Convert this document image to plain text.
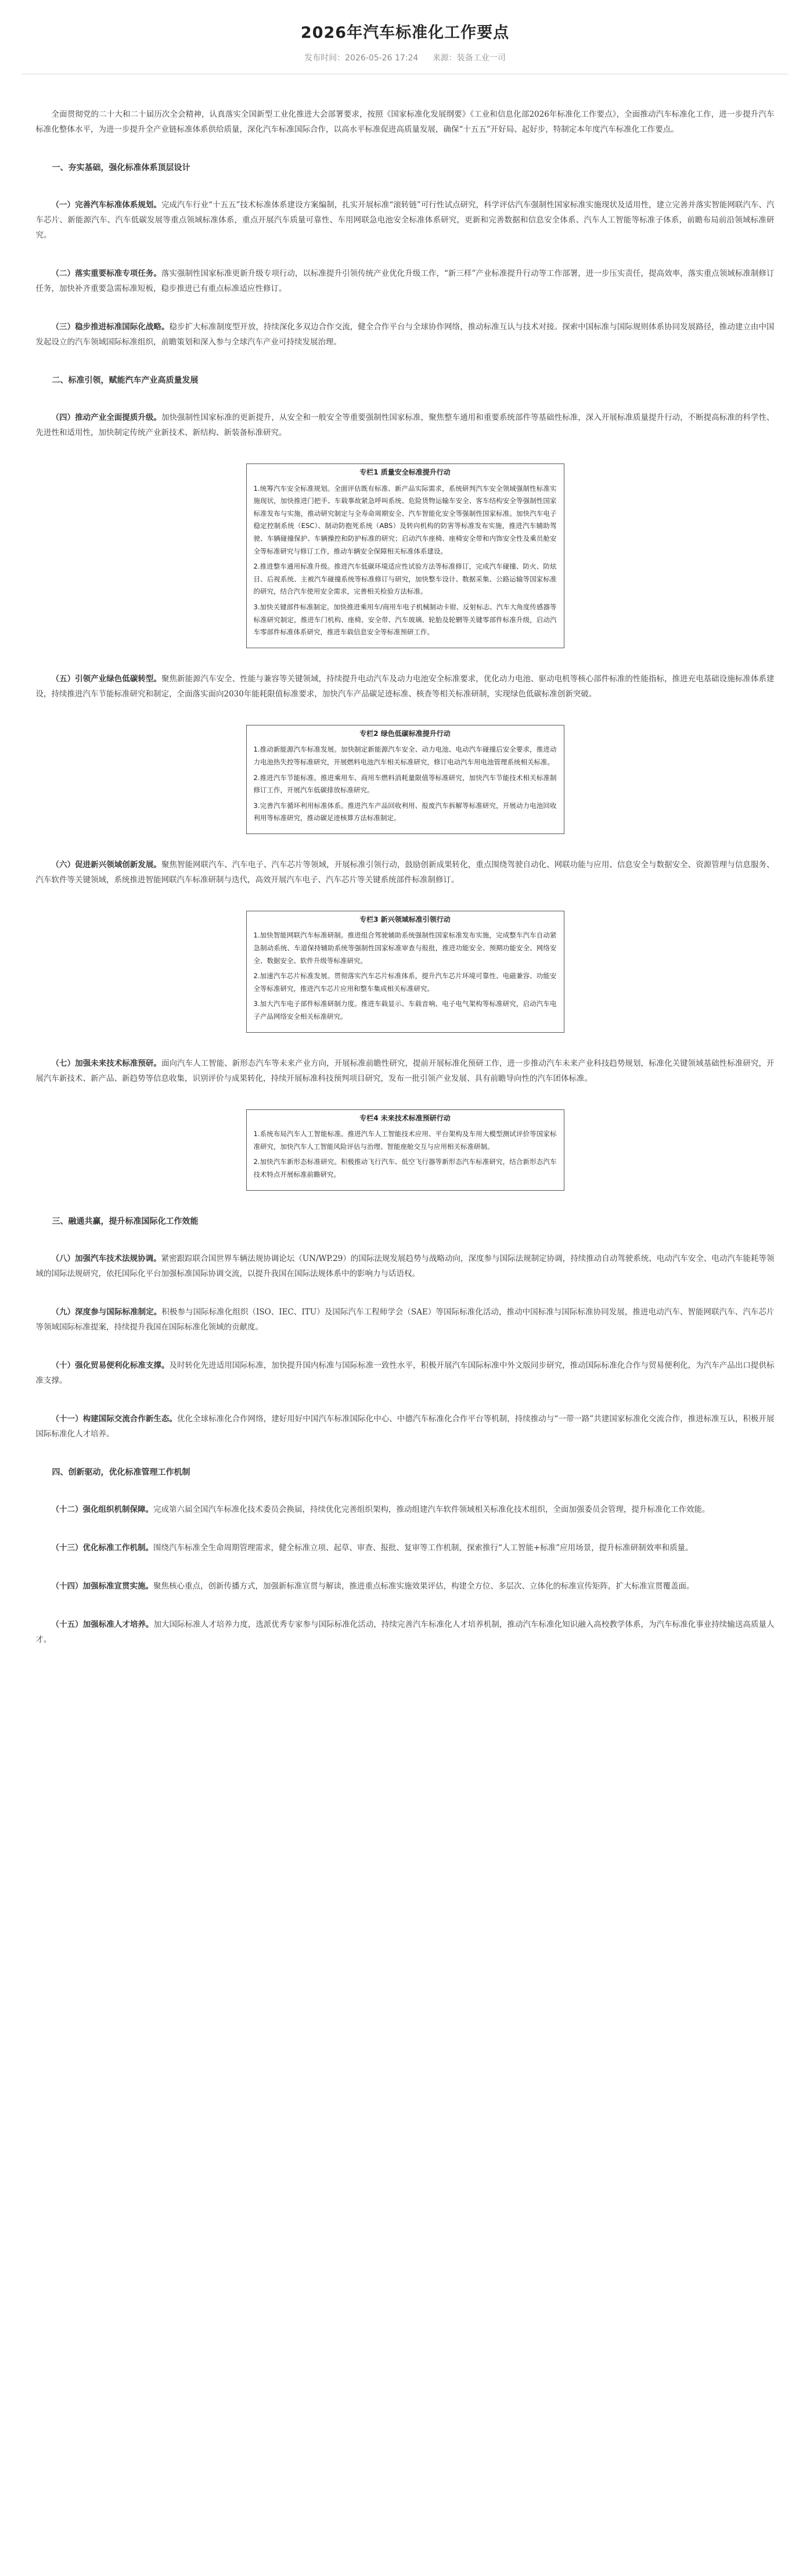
2026年汽车标准化工作要点
发布时间：2026-05-26 17:24 来源：装备工业一司

全面贯彻党的二十大和二十届历次全会精神，认真落实全国新型工业化推进大会部署要求，按照《国家标准化发展纲要》《工业和信息化部2026年标准化工作要点》，全面推动汽车标准化工作，进一步提升汽车标准化整体水平，为进一步提升全产业链标准体系供给质量，深化汽车标准国际合作，以高水平标准促进高质量发展，确保“十五五”开好局、起好步，特制定本年度汽车标准化工作要点。

一、夯实基础，强化标准体系顶层设计

（一）完善汽车标准体系规划。完成汽车行业“十五五”技术标准体系建设方案编制，扎实开展标准“滚转链”可行性试点研究，科学评估汽车强制性国家标准实施现状及适用性，建立完善并落实智能网联汽车、汽车芯片、新能源汽车、汽车低碳发展等重点领域标准体系，重点开展汽车质量可靠性、车用网联急电池安全标准体系研究，更新和完善数据和信息安全体系、汽车人工智能等标准子体系，前瞻布局前沿领域标准研究。

（二）落实重要标准专项任务。落实强制性国家标准更新升级专项行动，以标准提升引领传统产业优化升级工作，“新三样”产业标准提升行动等工作部署，进一步压实责任，提高效率，落实重点领域标准制修订任务，加快补齐重要急需标准短板，稳步推进已有重点标准适应性修订。

（三）稳步推进标准国际化战略。稳步扩大标准制度型开放，持续深化多双边合作交流，健全合作平台与全球协作网络，推动标准互认与技术对接。探索中国标准与国际规则体系协同发展路径，推动建立由中国发起设立的汽车领域国际标准组织，前瞻策划和深入参与全球汽车产业可持续发展治理。

二、标准引领，赋能汽车产业高质量发展

（四）推动产业全面提质升级。加快强制性国家标准的更新提升，从安全和一般安全等重要强制性国家标准，聚焦整车通用和重要系统部件等基础性标准，深入开展标准质量提升行动，不断提高标准的科学性、先进性和适用性，加快制定传统产业新技术、新结构、新装备标准研究。

专栏1 质量安全标准提升行动
1.统筹汽车安全标准规划。全面评估既有标准、新产品实际需求，系统研判汽车安全领域强制性标准实施现状，加快推进门把手、车载事故紧急呼叫系统、危险货物运输车安全、客车结构安全等强制性国家标准发布与实施，推动研究制定与全寿命周期安全、汽车智能化安全等强制性国家标准。加快汽车电子稳定控制系统（ESC）、制动防抱死系统（ABS）及转向机构的防害等标准发布实施，推进汽车辅助驾驶、车辆碰撞保护、车辆操控和防护标准的研究；启动汽车座椅、座椅安全带和内饰安全性及乘员舱安全等标准研究与修订工作，推动车辆安全保障相关标准体系建设。
2.推进整车通用标准升级。推进汽车低碳环境适应性试验方法等标准修订，完成汽车碰撞、防火、防炫目、后视系统、主被汽车碰撞系统等标准修订与研究，加快整车设计、数据采集、公路运输等国家标准的研究，结合汽车使用安全需求，完善相关检验方法标准。
3.加快关键部件标准制定。加快推进乘用车/商用车电子机械制动卡钳、反射标志、汽车大角度传感器等标准研究制定，推进车门机构、座椅、安全带、汽车玻璃、轮胎及轮辋等关键零部件标准升级，启动汽车零部件标准体系研究，推进车载信息安全等标准预研工作。

（五）引领产业绿色低碳转型。聚焦新能源汽车安全、性能与兼容等关键领域，持续提升电动汽车及动力电池安全标准要求，优化动力电池、驱动电机等核心部件标准的性能指标，推进充电基础设施标准体系建设，持续推进汽车节能标准研究和制定，全面落实面向2030年能耗限值标准要求，加快汽车产品碳足迹标准、核查等相关标准研制，实现绿色低碳标准创新突破。

专栏2 绿色低碳标准提升行动
1.推动新能源汽车标准发展。加快制定新能源汽车安全、动力电池、电动汽车碰撞后安全要求，推进动力电池热失控等标准研究，开展燃料电池汽车相关标准研究，修订电动汽车用电池管理系统相关标准。
2.推进汽车节能标准。推进乘用车、商用车燃料消耗量限值等标准研究，加快汽车节能技术相关标准制修订工作，开展汽车低碳排放标准研究。
3.完善汽车循环利用标准体系。推进汽车产品回收利用、报废汽车拆解等标准研究，开展动力电池回收利用等标准研究，推动碳足迹核算方法标准制定。

（六）促进新兴领域创新发展。聚焦智能网联汽车、汽车电子、汽车芯片等领域，开展标准引领行动，鼓励创新成果转化，重点围绕驾驶自动化、网联功能与应用、信息安全与数据安全、资源管理与信息服务、汽车软件等关键领域，系统推进智能网联汽车标准研制与迭代，高效开展汽车电子、汽车芯片等关键系统部件标准制修订。

专栏3 新兴领域标准引领行动
1.加快智能网联汽车标准研制。推进组合驾驶辅助系统强制性国家标准发布实施，完成整车汽车自动紧急制动系统、车道保持辅助系统等强制性国家标准审查与报批，推进功能安全、预期功能安全、网络安全、数据安全、软件升级等标准研究。
2.加速汽车芯片标准发展。贯彻落实汽车芯片标准体系，提升汽车芯片环境可靠性、电磁兼容、功能安全等标准研究，推进汽车芯片应用和整车集成相关标准研究。
3.加大汽车电子部件标准研制力度。推进车载显示、车载音响、电子电气架构等标准研究，启动汽车电子产品网络安全相关标准研究。

（七）加强未来技术标准预研。面向汽车人工智能、新形态汽车等未来产业方向，开展标准前瞻性研究，提前开展标准化预研工作，进一步推动汽车未来产业科技趋势规划，标准化关键领域基础性标准研究，开展汽车新技术、新产品、新趋势等信息收集，识别评价与成果转化，持续开展标准科技预判项目研究，发布一批引领产业发展、具有前瞻导向性的汽车团体标准。

专栏4 未来技术标准预研行动
1.系统布局汽车人工智能标准。推进汽车人工智能技术应用、平台架构及车用大模型测试评价等国家标准研究，加快汽车人工智能风险评估与治理、智能座舱交互与应用相关标准研制。
2.加快汽车新形态标准研究。积极推动飞行汽车、低空飞行器等新形态汽车标准研究，结合新形态汽车技术特点开展标准前瞻研究。

三、融通共赢，提升标准国际化工作效能

（八）加强汽车技术法规协调。紧密跟踪联合国世界车辆法规协调论坛（UN/WP.29）的国际法规发展趋势与战略动向，深度参与国际法规制定协调，持续推动自动驾驶系统、电动汽车安全、电动汽车能耗等领域的国际法规研究，依托国际化平台加强标准国际协调交流，以提升我国在国际法规体系中的影响力与话语权。

（九）深度参与国际标准制定。积极参与国际标准化组织（ISO、IEC、ITU）及国际汽车工程师学会（SAE）等国际标准化活动，推动中国标准与国际标准协同发展，推进电动汽车、智能网联汽车、汽车芯片等领域国际标准提案，持续提升我国在国际标准化领域的贡献度。

（十）强化贸易便利化标准支撑。及时转化先进适用国际标准，加快提升国内标准与国际标准一致性水平，积极开展汽车国际标准中外文版同步研究，推动国际标准化合作与贸易便利化，为汽车产品出口提供标准支撑。

（十一）构建国际交流合作新生态。优化全球标准化合作网络，建好用好中国汽车标准国际化中心、中德汽车标准化合作平台等机制，持续推动与“一带一路”共建国家标准化交流合作，推进标准互认，积极开展国际标准化人才培养。

四、创新驱动，优化标准管理工作机制

（十二）强化组织机制保障。完成第六届全国汽车标准化技术委员会换届，持续优化完善组织架构，推动组建汽车软件领域相关标准化技术组织，全面加强委员会管理，提升标准化工作效能。

（十三）优化标准工作机制。围绕汽车标准全生命周期管理需求，健全标准立项、起草、审查、报批、复审等工作机制，探索推行“人工智能+标准”应用场景，提升标准研制效率和质量。

（十四）加强标准宣贯实施。聚焦核心重点，创新传播方式，加强新标准宣贯与解读，推进重点标准实施效果评估，构建全方位、多层次、立体化的标准宣传矩阵，扩大标准宣贯覆盖面。

（十五）加强标准人才培养。加大国际标准人才培养力度，选派优秀专家参与国际标准化活动，持续完善汽车标准化人才培养机制，推动汽车标准化知识融入高校教学体系，为汽车标准化事业持续输送高质量人才。
